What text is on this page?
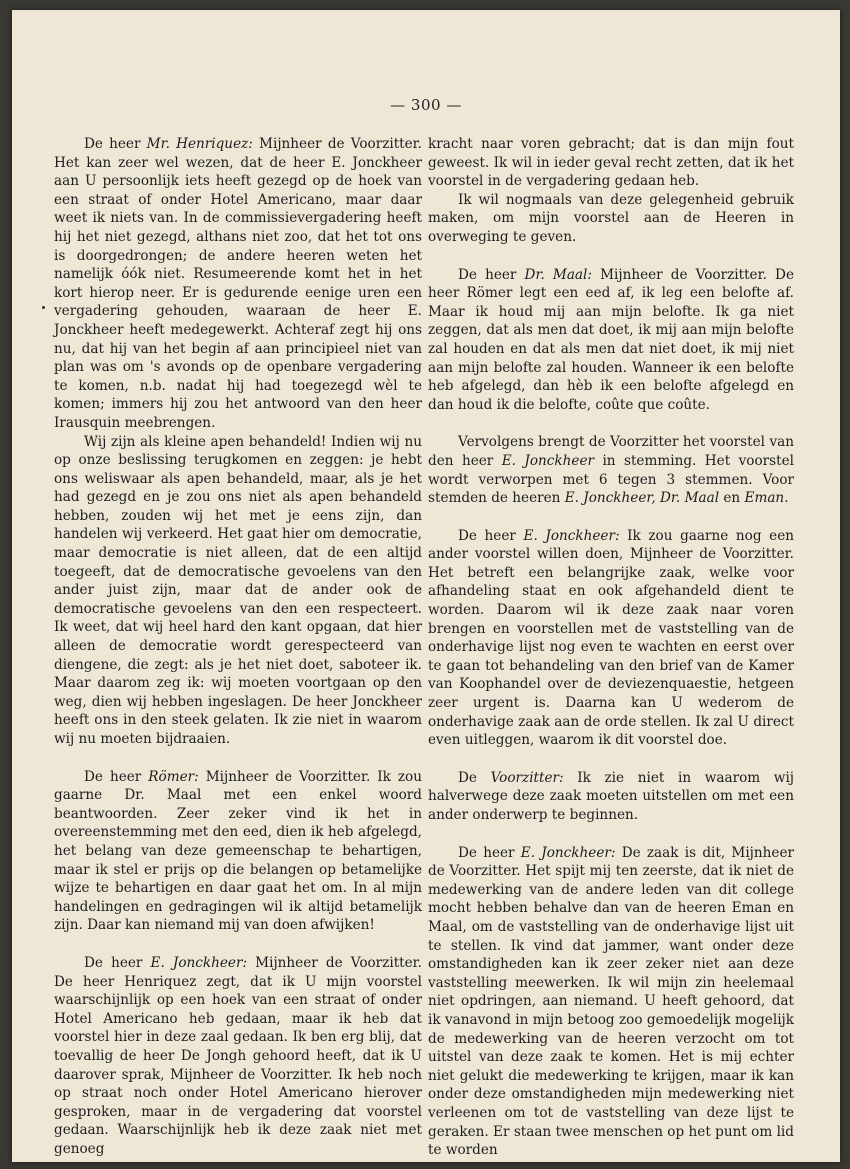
— 300 —

De heer Mr. Henriquez: Mijnheer de Voorzitter. Het kan zeer wel wezen, dat de heer E. Jonckheer aan U persoonlijk iets heeft gezegd op de hoek van een straat of onder Hotel Americano, maar daar weet ik niets van. In de commissievergadering heeft hij het niet gezegd, althans niet zoo, dat het tot ons is doorgedrongen; de andere heeren weten het namelijk óók niet. Resumeerende komt het in het kort hierop neer. Er is gedurende eenige uren een vergadering gehouden, waaraan de heer E. Jonckheer heeft medegewerkt. Achteraf zegt hij ons nu, dat hij van het begin af aan principieel niet van plan was om 's avonds op de openbare vergadering te komen, n.b. nadat hij had toegezegd wèl te komen; immers hij zou het antwoord van den heer Irausquin meebrengen.

Wij zijn als kleine apen behandeld! Indien wij nu op onze beslissing terugkomen en zeggen: je hebt ons weliswaar als apen behandeld, maar, als je het had gezegd en je zou ons niet als apen behandeld hebben, zouden wij het met je eens zijn, dan handelen wij verkeerd. Het gaat hier om democratie, maar democratie is niet alleen, dat de een altijd toegeeft, dat de democratische gevoelens van den ander juist zijn, maar dat de ander ook de democratische gevoelens van den een respecteert. Ik weet, dat wij heel hard den kant opgaan, dat hier alleen de democratie wordt gerespecteerd van diengene, die zegt: als je het niet doet, saboteer ik. Maar daarom zeg ik: wij moeten voortgaan op den weg, dien wij hebben ingeslagen. De heer Jonckheer heeft ons in den steek gelaten. Ik zie niet in waarom wij nu moeten bijdraaien.

De heer Römer: Mijnheer de Voorzitter. Ik zou gaarne Dr. Maal met een enkel woord beantwoorden. Zeer zeker vind ik het in overeenstemming met den eed, dien ik heb afgelegd, het belang van deze gemeenschap te behartigen, maar ik stel er prijs op die belangen op betamelijke wijze te behartigen en daar gaat het om. In al mijn handelingen en gedragingen wil ik altijd betamelijk zijn. Daar kan niemand mij van doen afwijken!

De heer E. Jonckheer: Mijnheer de Voorzitter. De heer Henriquez zegt, dat ik U mijn voorstel waarschijnlijk op een hoek van een straat of onder Hotel Americano heb gedaan, maar ik heb dat voorstel hier in deze zaal gedaan. Ik ben erg blij, dat toevallig de heer De Jongh gehoord heeft, dat ik U daarover sprak, Mijnheer de Voorzitter. Ik heb noch op straat noch onder Hotel Americano hierover gesproken, maar in de vergadering dat voorstel gedaan. Waarschijnlijk heb ik deze zaak niet met genoeg

kracht naar voren gebracht; dat is dan mijn fout geweest. Ik wil in ieder geval recht zetten, dat ik het voorstel in de vergadering gedaan heb.

Ik wil nogmaals van deze gelegenheid gebruik maken, om mijn voorstel aan de Heeren in overweging te geven.

De heer Dr. Maal: Mijnheer de Voorzitter. De heer Römer legt een eed af, ik leg een belofte af. Maar ik houd mij aan mijn belofte. Ik ga niet zeggen, dat als men dat doet, ik mij aan mijn belofte zal houden en dat als men dat niet doet, ik mij niet aan mijn belofte zal houden. Wanneer ik een belofte heb afgelegd, dan hèb ik een belofte afgelegd en dan houd ik die belofte, coûte que coûte.

Vervolgens brengt de Voorzitter het voorstel van den heer E. Jonckheer in stemming. Het voorstel wordt verworpen met 6 tegen 3 stemmen. Voor stemden de heeren E. Jonckheer, Dr. Maal en Eman.

De heer E. Jonckheer: Ik zou gaarne nog een ander voorstel willen doen, Mijnheer de Voorzitter. Het betreft een belangrijke zaak, welke voor afhandeling staat en ook afgehandeld dient te worden. Daarom wil ik deze zaak naar voren brengen en voorstellen met de vaststelling van de onderhavige lijst nog even te wachten en eerst over te gaan tot behandeling van den brief van de Kamer van Koophandel over de deviezenquaestie, hetgeen zeer urgent is. Daarna kan U wederom de onderhavige zaak aan de orde stellen. Ik zal U direct even uitleggen, waarom ik dit voorstel doe.

De Voorzitter: Ik zie niet in waarom wij halverwege deze zaak moeten uitstellen om met een ander onderwerp te beginnen.

De heer E. Jonckheer: De zaak is dit, Mijnheer de Voorzitter. Het spijt mij ten zeerste, dat ik niet de medewerking van de andere leden van dit college mocht hebben behalve dan van de heeren Eman en Maal, om de vaststelling van de onderhavige lijst uit te stellen. Ik vind dat jammer, want onder deze omstandigheden kan ik zeer zeker niet aan deze vaststelling meewerken. Ik wil mijn zin heelemaal niet opdringen, aan niemand. U heeft gehoord, dat ik vanavond in mijn betoog zoo gemoedelijk mogelijk de medewerking van de heeren verzocht om tot uitstel van deze zaak te komen. Het is mij echter niet gelukt die medewerking te krijgen, maar ik kan onder deze omstandigheden mijn medewerking niet verleenen om tot de vaststelling van deze lijst te geraken. Er staan twee menschen op het punt om lid te worden
